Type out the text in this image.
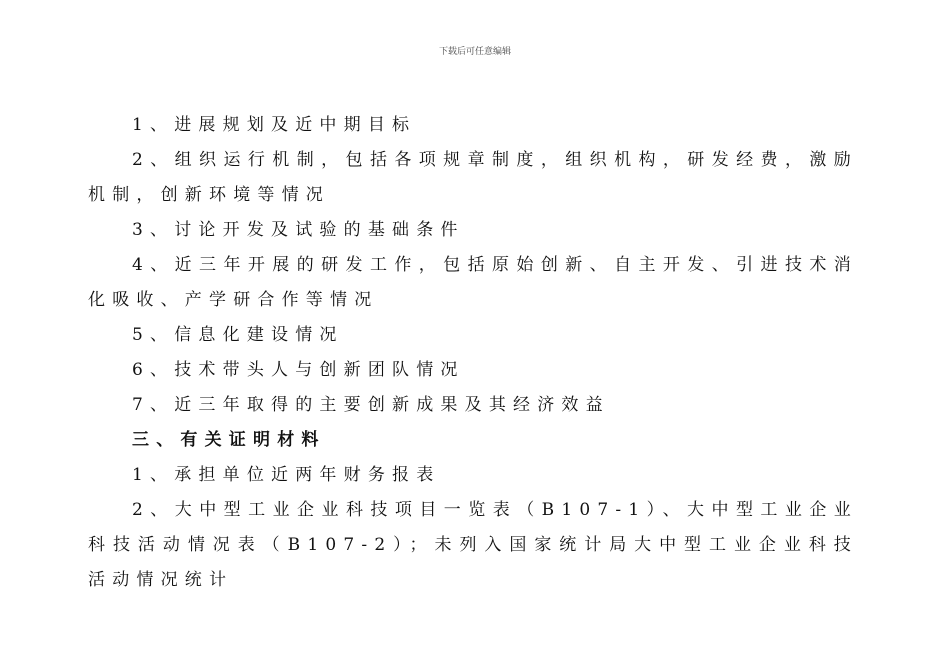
下载后可任意编辑

1、进展规划及近中期目标

2、组织运行机制，包括各项规章制度，组织机构，研发经费，激励机制，创新环境等情况

3、讨论开发及试验的基础条件

4、近三年开展的研发工作，包括原始创新、自主开发、引进技术消化吸收、产学研合作等情况

5、信息化建设情况

6、技术带头人与创新团队情况

7、近三年取得的主要创新成果及其经济效益

三、有关证明材料

1、承担单位近两年财务报表

2、大中型工业企业科技项目一览表（B107-1）、大中型工业企业科技活动情况表（B107-2）；未列入国家统计局大中型工业企业科技活动情况统计
